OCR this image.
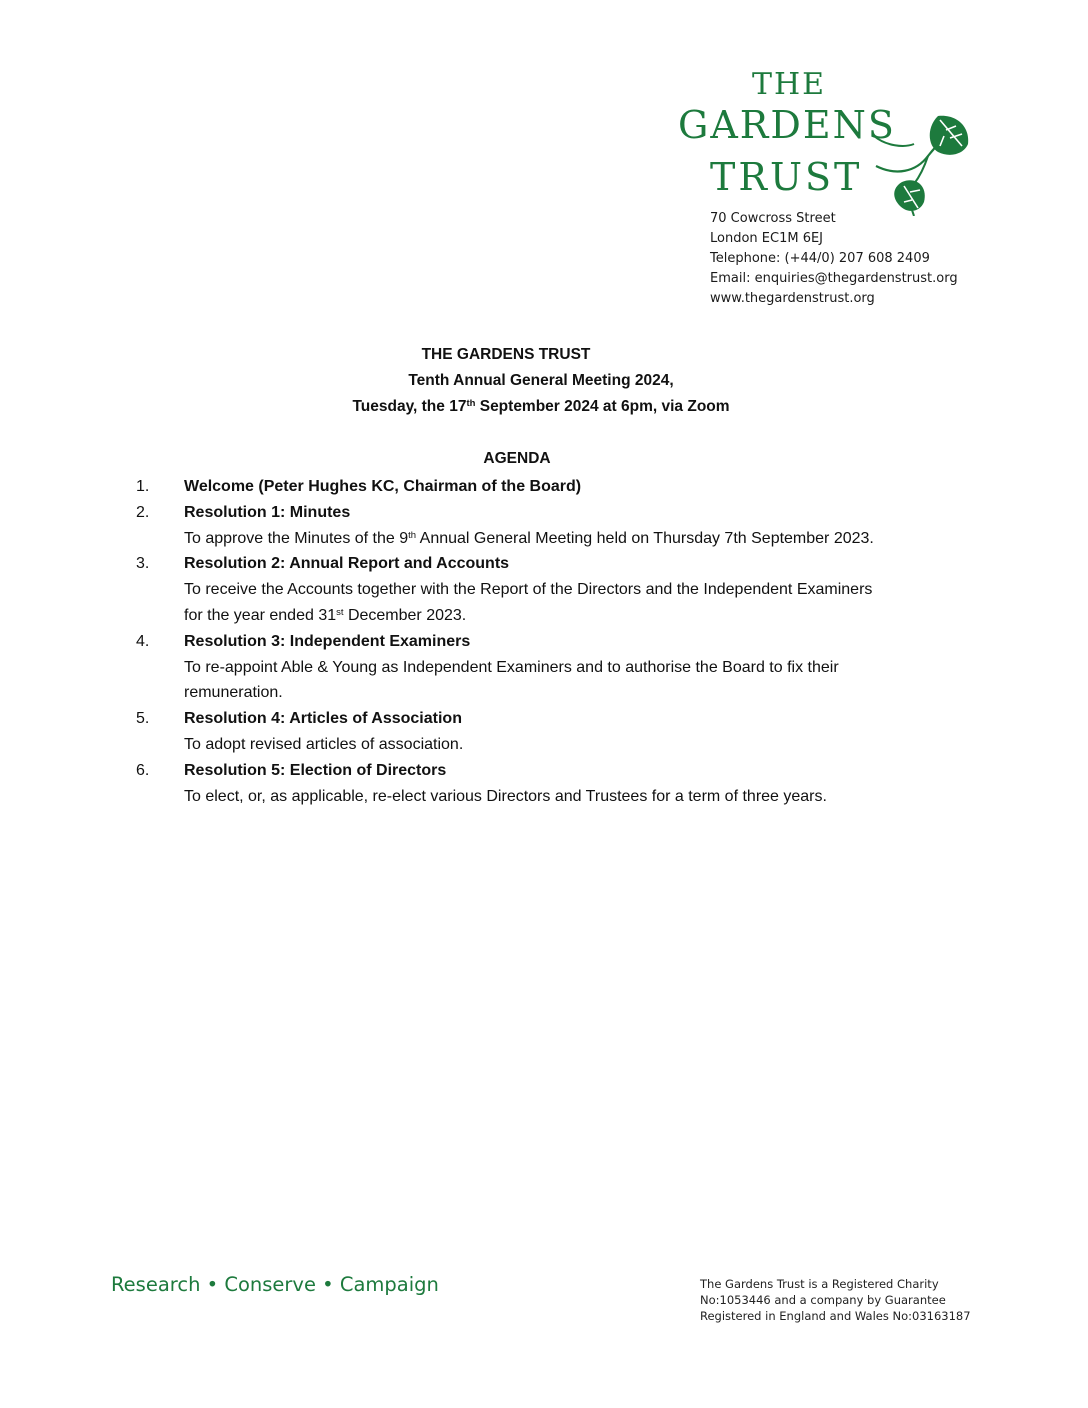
THE
GARDENS
TRUST
70 Cowcross Street
London EC1M 6EJ
Telephone: (+44/0) 207 608 2409
Email: enquiries@thegardenstrust.org
www.thegardenstrust.org
THE GARDENS TRUST
Tenth Annual General Meeting 2024,
Tuesday, the 17th September 2024 at 6pm, via Zoom
AGENDA
1. Welcome (Peter Hughes KC, Chairman of the Board)
2. Resolution 1: Minutes
To approve the Minutes of the 9th Annual General Meeting held on Thursday 7th September 2023.
3. Resolution 2: Annual Report and Accounts
To receive the Accounts together with the Report of the Directors and the Independent Examiners
for the year ended 31st December 2023.
4. Resolution 3: Independent Examiners
To re-appoint Able & Young as Independent Examiners and to authorise the Board to fix their
remuneration.
5. Resolution 4: Articles of Association
To adopt revised articles of association.
6. Resolution 5: Election of Directors
To elect, or, as applicable, re-elect various Directors and Trustees for a term of three years.
Research • Conserve • Campaign	The Gardens Trust is a Registered Charity
No:1053446 and a company by Guarantee
Registered in England and Wales No:03163187
